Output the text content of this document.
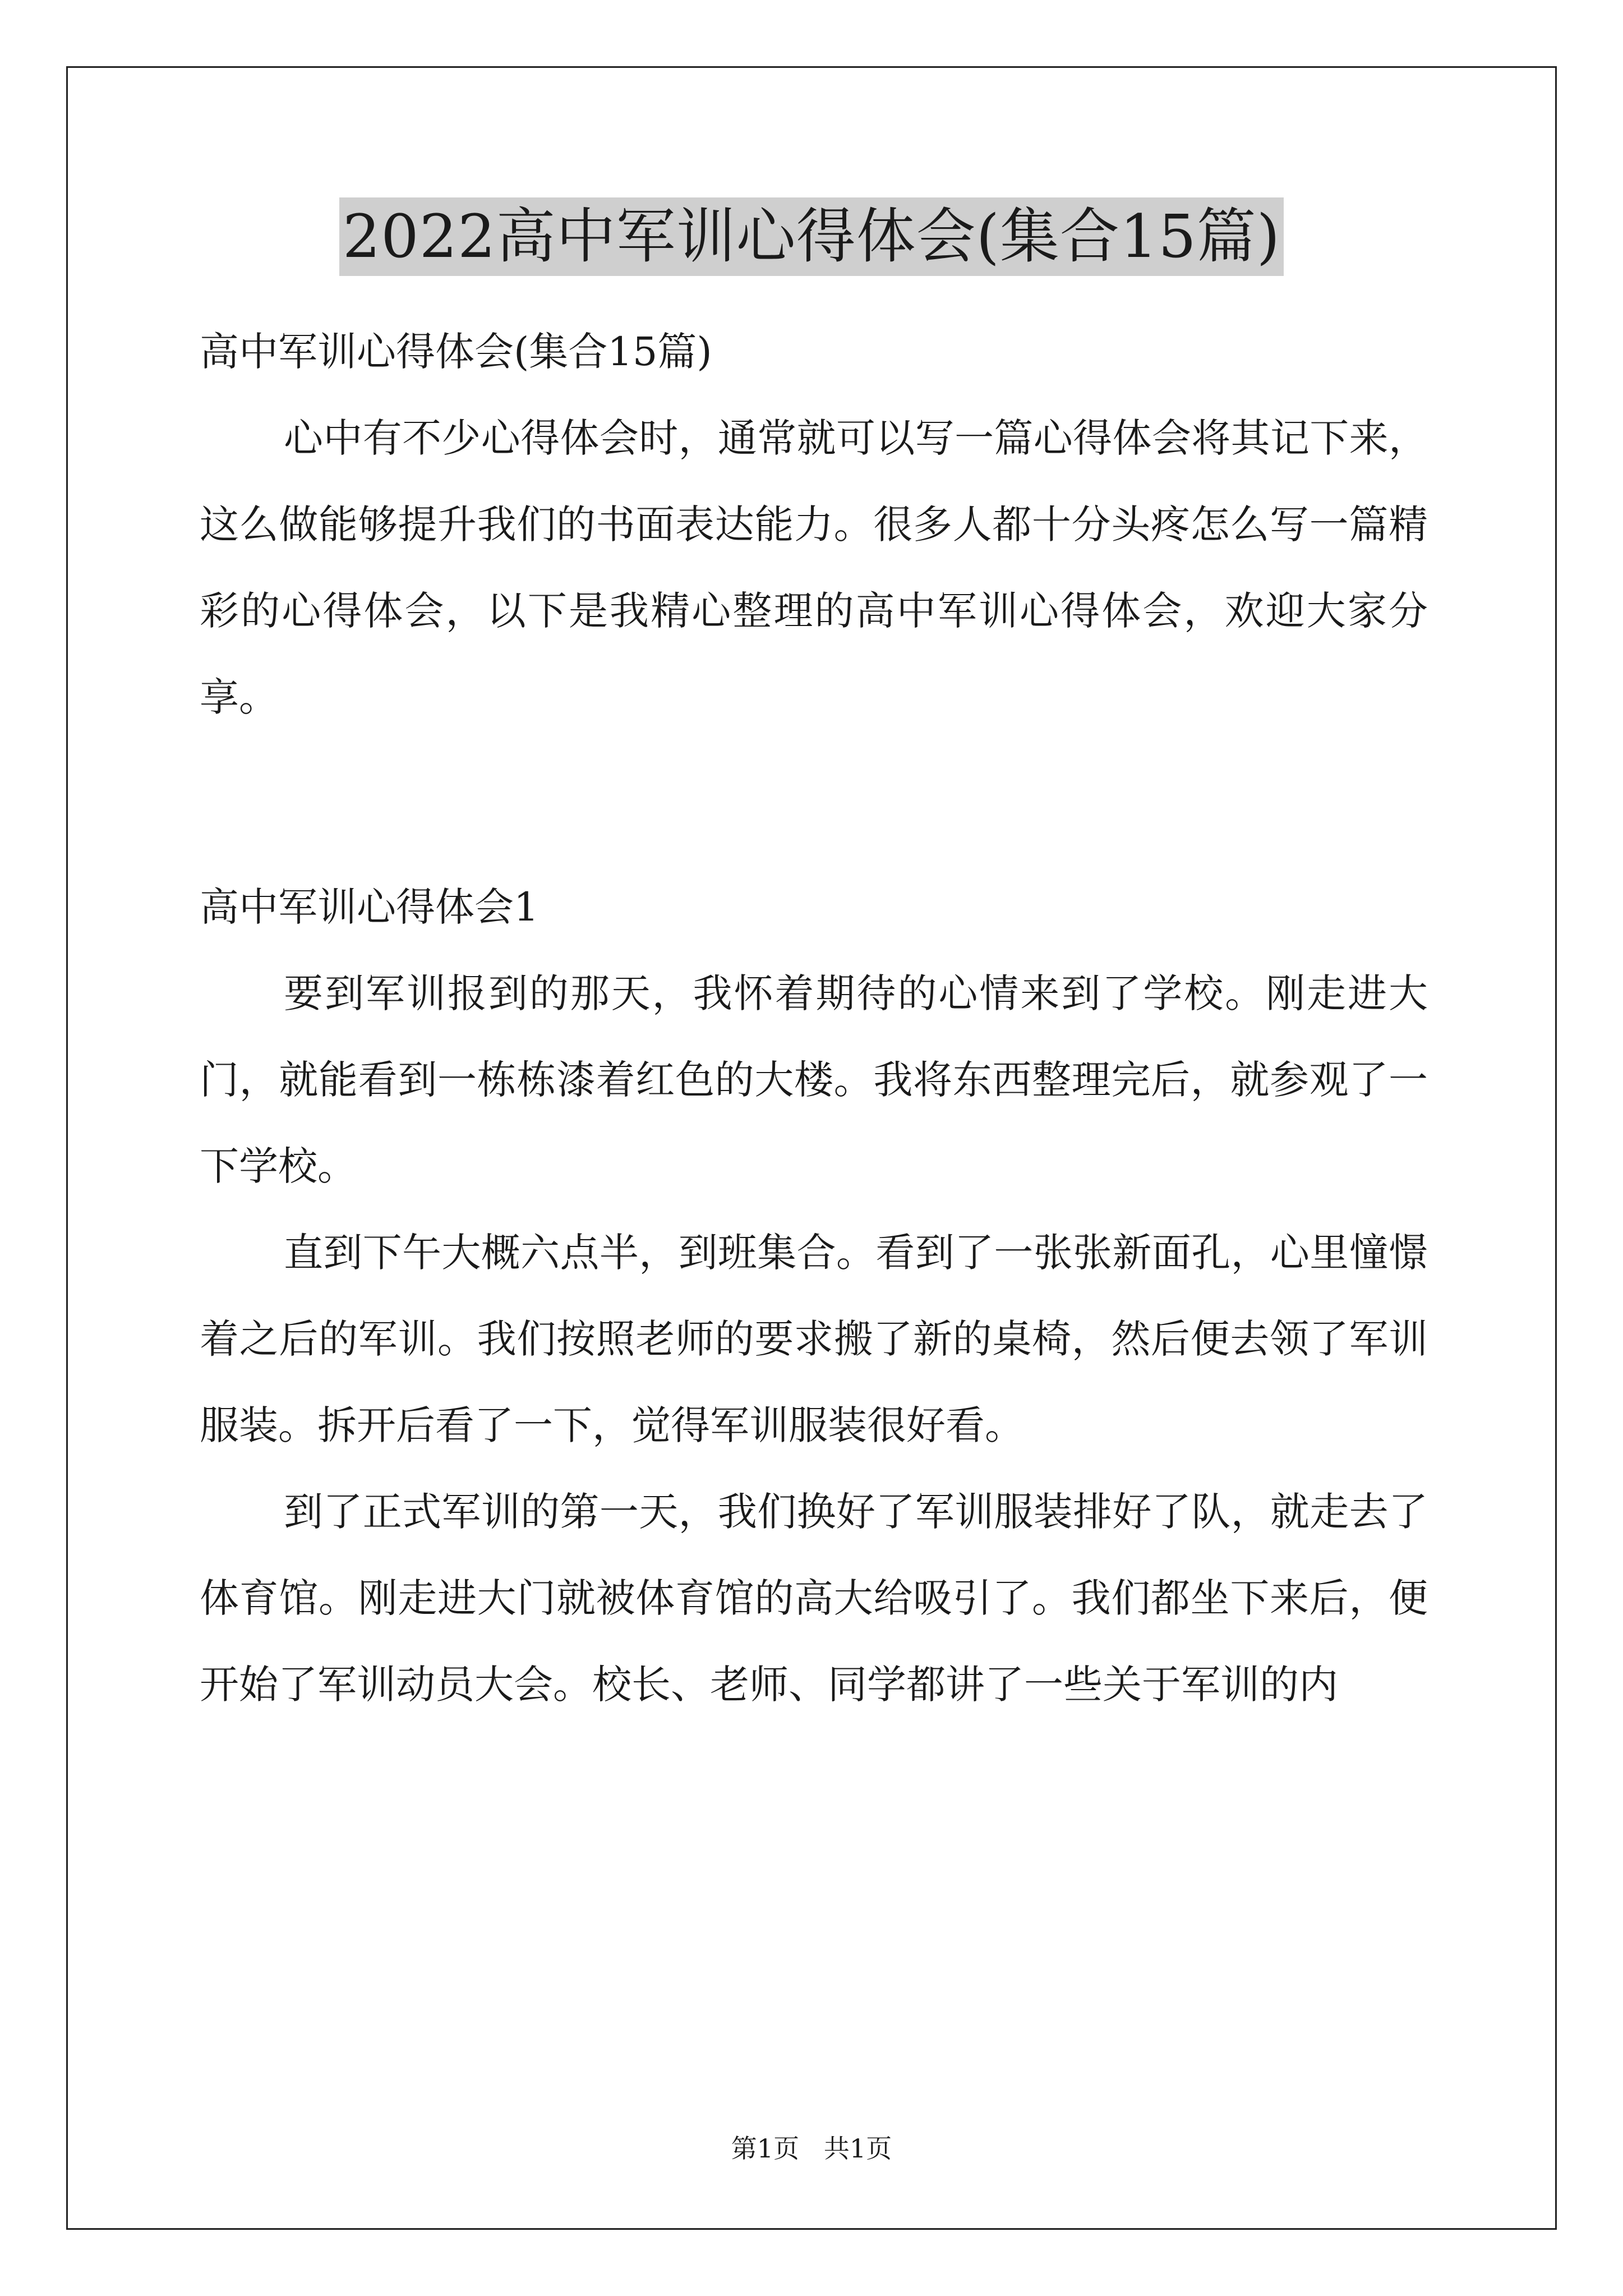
2022高中军训心得体会(集合15篇)

高中军训心得体会(集合15篇)

心中有不少心得体会时，通常就可以写一篇心得体会将其记下来，这么做能够提升我们的书面表达能力。很多人都十分头疼怎么写一篇精彩的心得体会，以下是我精心整理的高中军训心得体会，欢迎大家分享。

高中军训心得体会1

要到军训报到的那天，我怀着期待的心情来到了学校。刚走进大门，就能看到一栋栋漆着红色的大楼。我将东西整理完后，就参观了一下学校。

直到下午大概六点半，到班集合。看到了一张张新面孔，心里憧憬着之后的军训。我们按照老师的要求搬了新的桌椅，然后便去领了军训服装。拆开后看了一下，觉得军训服装很好看。

到了正式军训的第一天，我们换好了军训服装排好了队，就走去了体育馆。刚走进大门就被体育馆的高大给吸引了。我们都坐下来后，便开始了军训动员大会。校长、老师、同学都讲了一些关于军训的内

第1页   共1页
